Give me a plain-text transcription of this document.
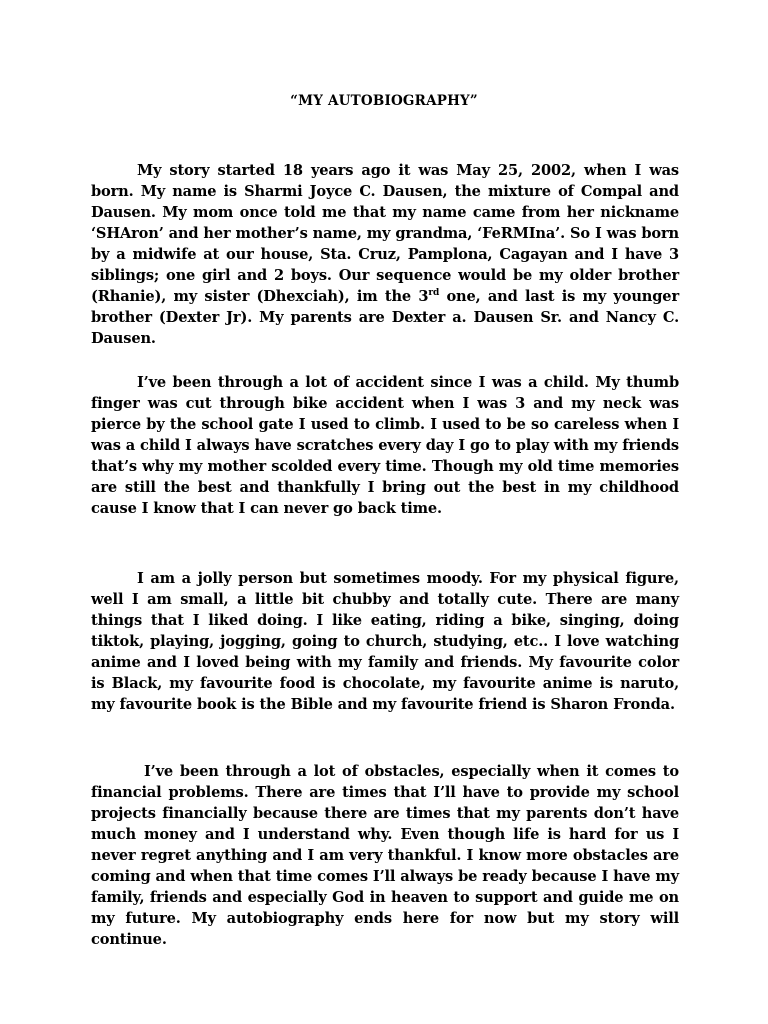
“MY AUTOBIOGRAPHY”

My story started 18 years ago it was May 25, 2002, when I was born. My name is Sharmi Joyce C. Dausen, the mixture of Compal and Dausen. My mom once told me that my name came from her nickname ‘SHAron’ and her mother’s name, my grandma, ‘FeRMIna’. So I was born by a midwife at our house, Sta. Cruz, Pamplona, Cagayan and I have 3 siblings; one girl and 2 boys. Our sequence would be my older brother (Rhanie), my sister (Dhexciah), im the 3rd one, and last is my younger brother (Dexter Jr). My parents are Dexter a. Dausen Sr. and Nancy C. Dausen.

I’ve been through a lot of accident since I was a child. My thumb finger was cut through bike accident when I was 3 and my neck was pierce by the school gate I used to climb. I used to be so careless when I was a child I always have scratches every day I go to play with my friends that’s why my mother scolded every time. Though my old time memories are still the best and thankfully I bring out the best in my childhood cause I know that I can never go back time.

I am a jolly person but sometimes moody. For my physical figure, well I am small, a little bit chubby and totally cute. There are many things that I liked doing. I like eating, riding a bike, singing, doing tiktok, playing, jogging, going to church, studying, etc.. I love watching anime and I loved being with my family and friends. My favourite color is Black, my favourite food is chocolate, my favourite anime is naruto, my favourite book is the Bible and my favourite friend is Sharon Fronda.

I’ve been through a lot of obstacles, especially when it comes to financial problems. There are times that I’ll have to provide my school projects financially because there are times that my parents don’t have much money and I understand why. Even though life is hard for us I never regret anything and I am very thankful. I know more obstacles are coming and when that time comes I’ll always be ready because I have my family, friends and especially God in heaven to support and guide me on my future. My autobiography ends here for now but my story will continue.
